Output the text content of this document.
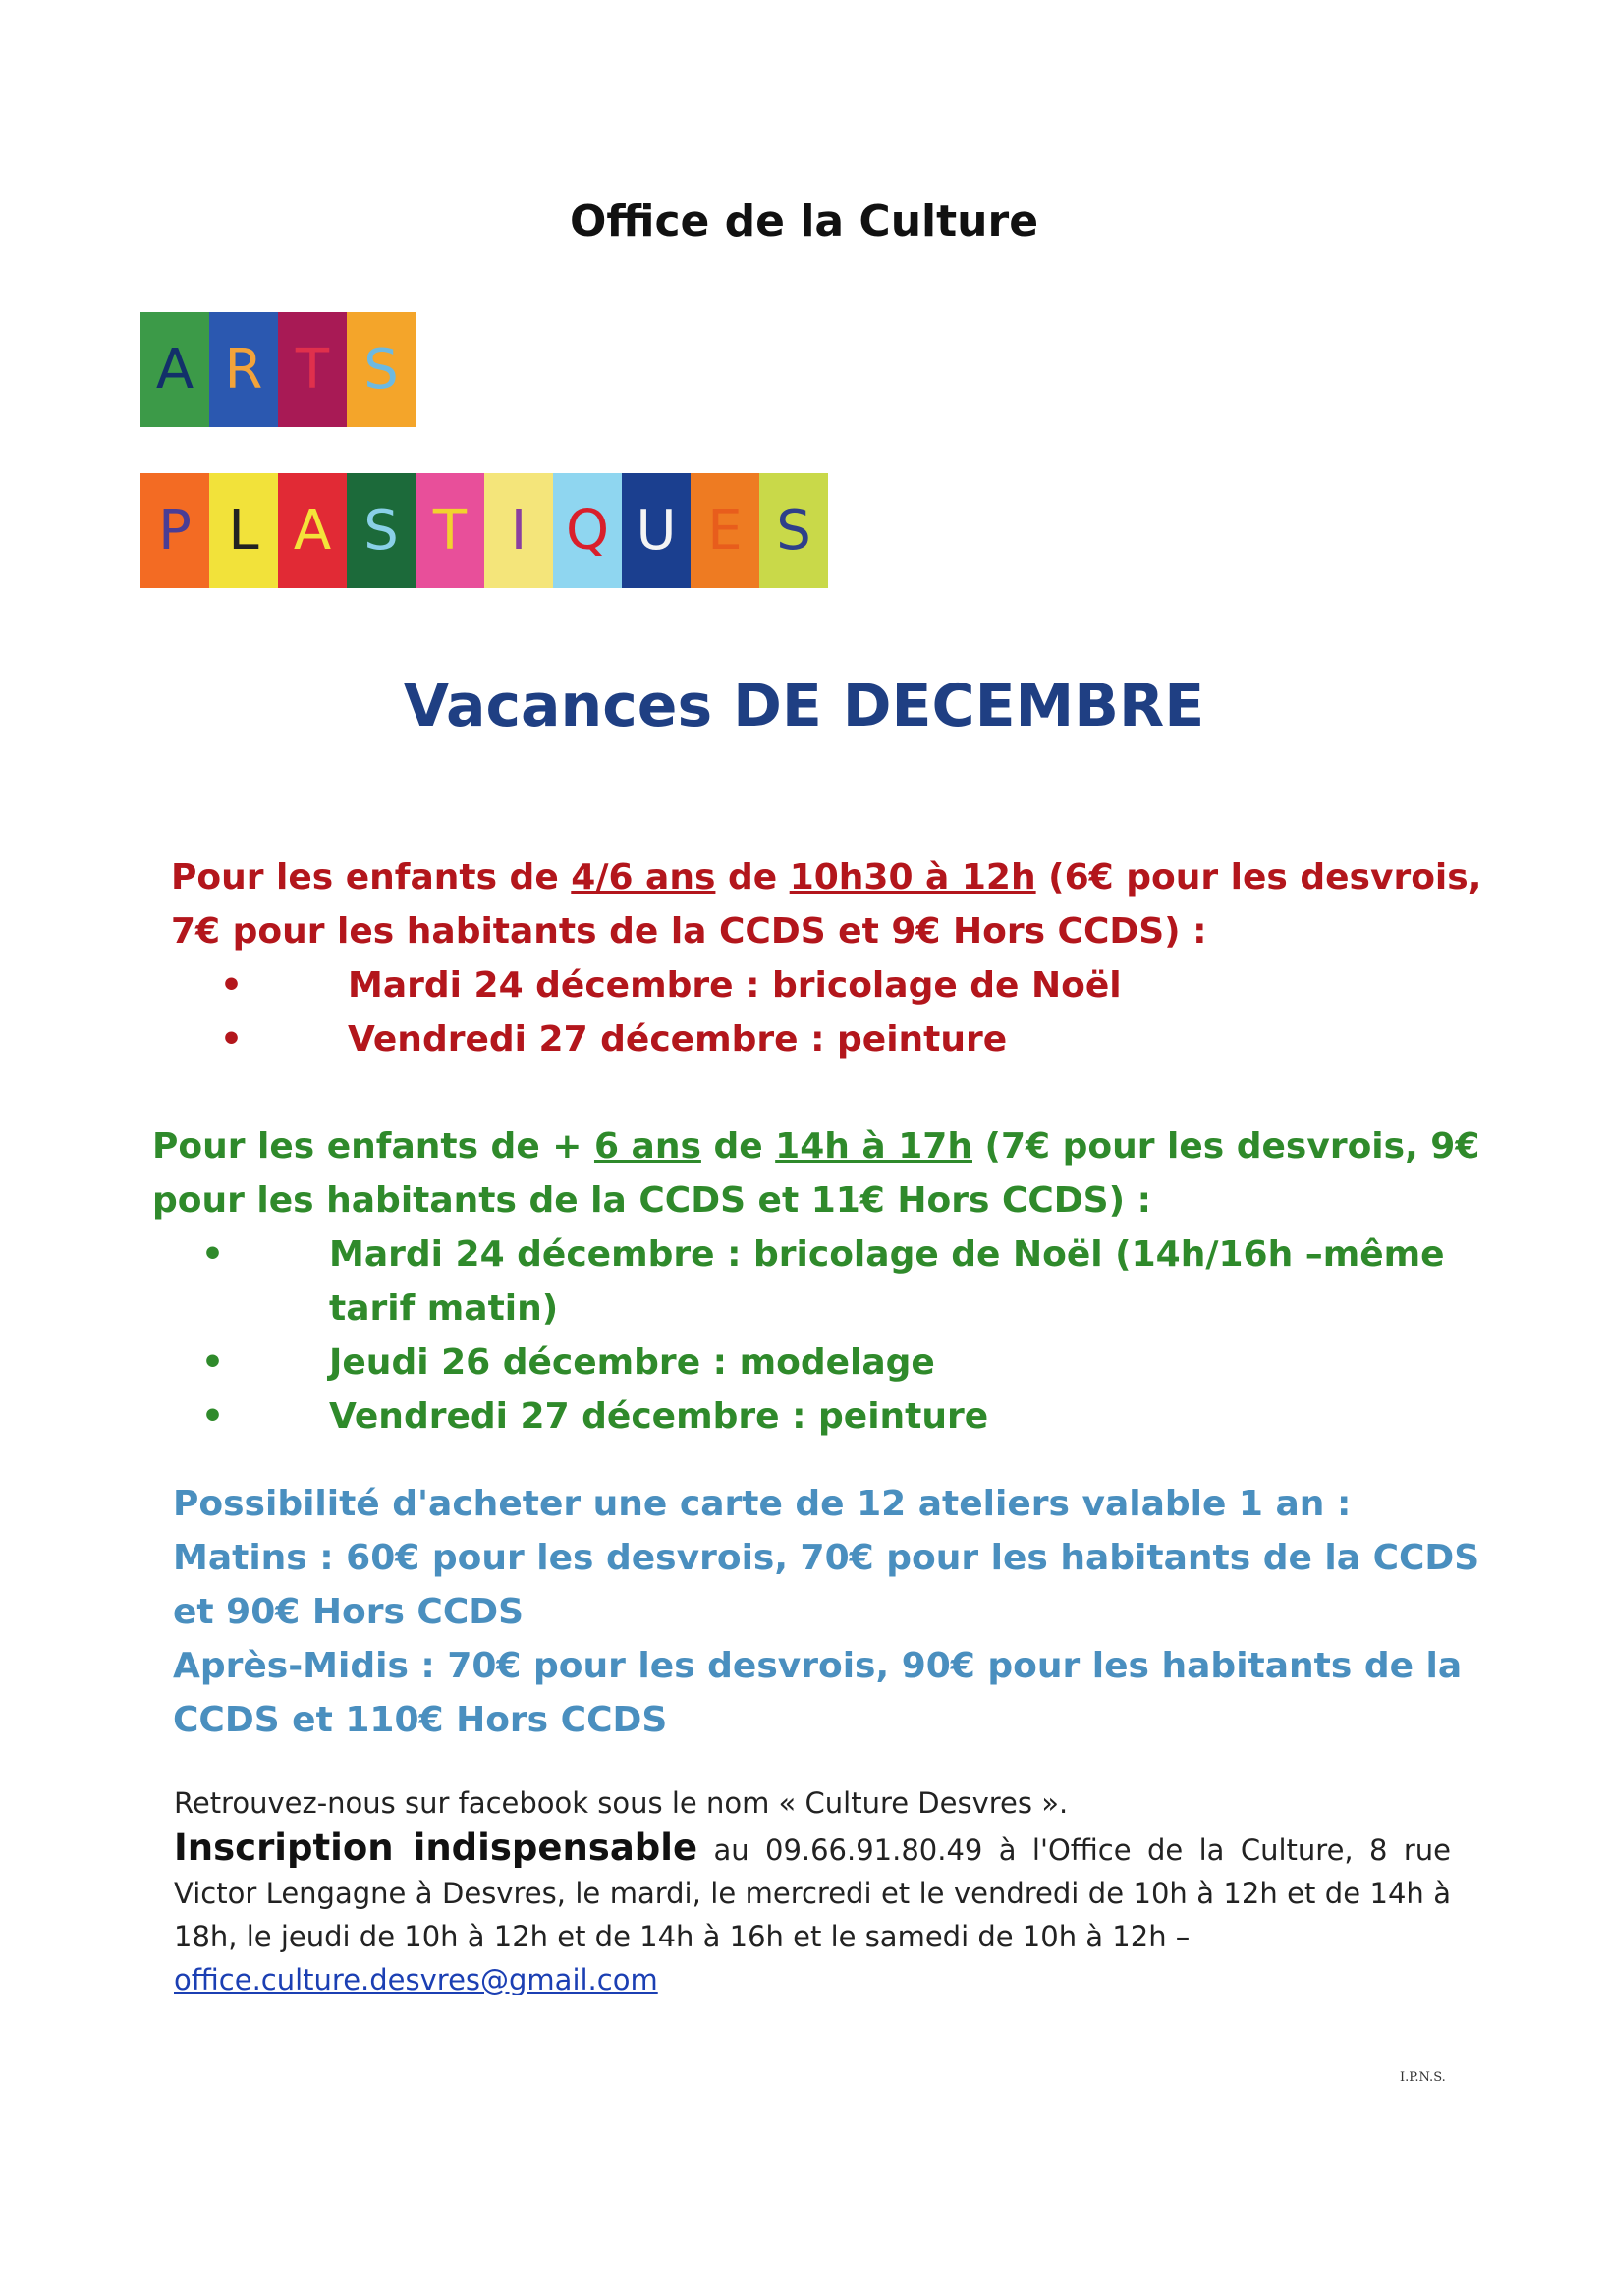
Office de la Culture
A R T S
P L A S T I Q U E S
Vacances DE DECEMBRE

Pour les enfants de 4/6 ans de 10h30 à 12h (6€ pour les desvrois, 7€ pour les habitants de la CCDS et 9€ Hors CCDS) :

•	Mardi 24 décembre : bricolage de Noël
•	Vendredi 27 décembre : peinture

Pour les enfants de + 6 ans de 14h à 17h (7€ pour les desvrois, 9€ pour les habitants de la CCDS et 11€ Hors CCDS) :

•	Mardi 24 décembre : bricolage de Noël (14h/16h –même tarif matin)
•	Jeudi 26 décembre : modelage
•	Vendredi 27 décembre : peinture

Possibilité d'acheter une carte de 12 ateliers valable 1 an :

Matins : 60€ pour les desvrois, 70€ pour les habitants de la CCDS et 90€ Hors CCDS

Après-Midis : 70€ pour les desvrois, 90€ pour les habitants de la CCDS et 110€ Hors CCDS

Retrouvez-nous sur facebook sous le nom « Culture Desvres ».
Inscription indispensable au 09.66.91.80.49 à l'Office de la Culture, 8 rue Victor Lengagne à Desvres, le mardi, le mercredi et le vendredi de 10h à 12h et de 14h à 18h, le jeudi de 10h à 12h et de 14h à 16h et le samedi de 10h à 12h –
office.culture.desvres@gmail.com
I.P.N.S.
